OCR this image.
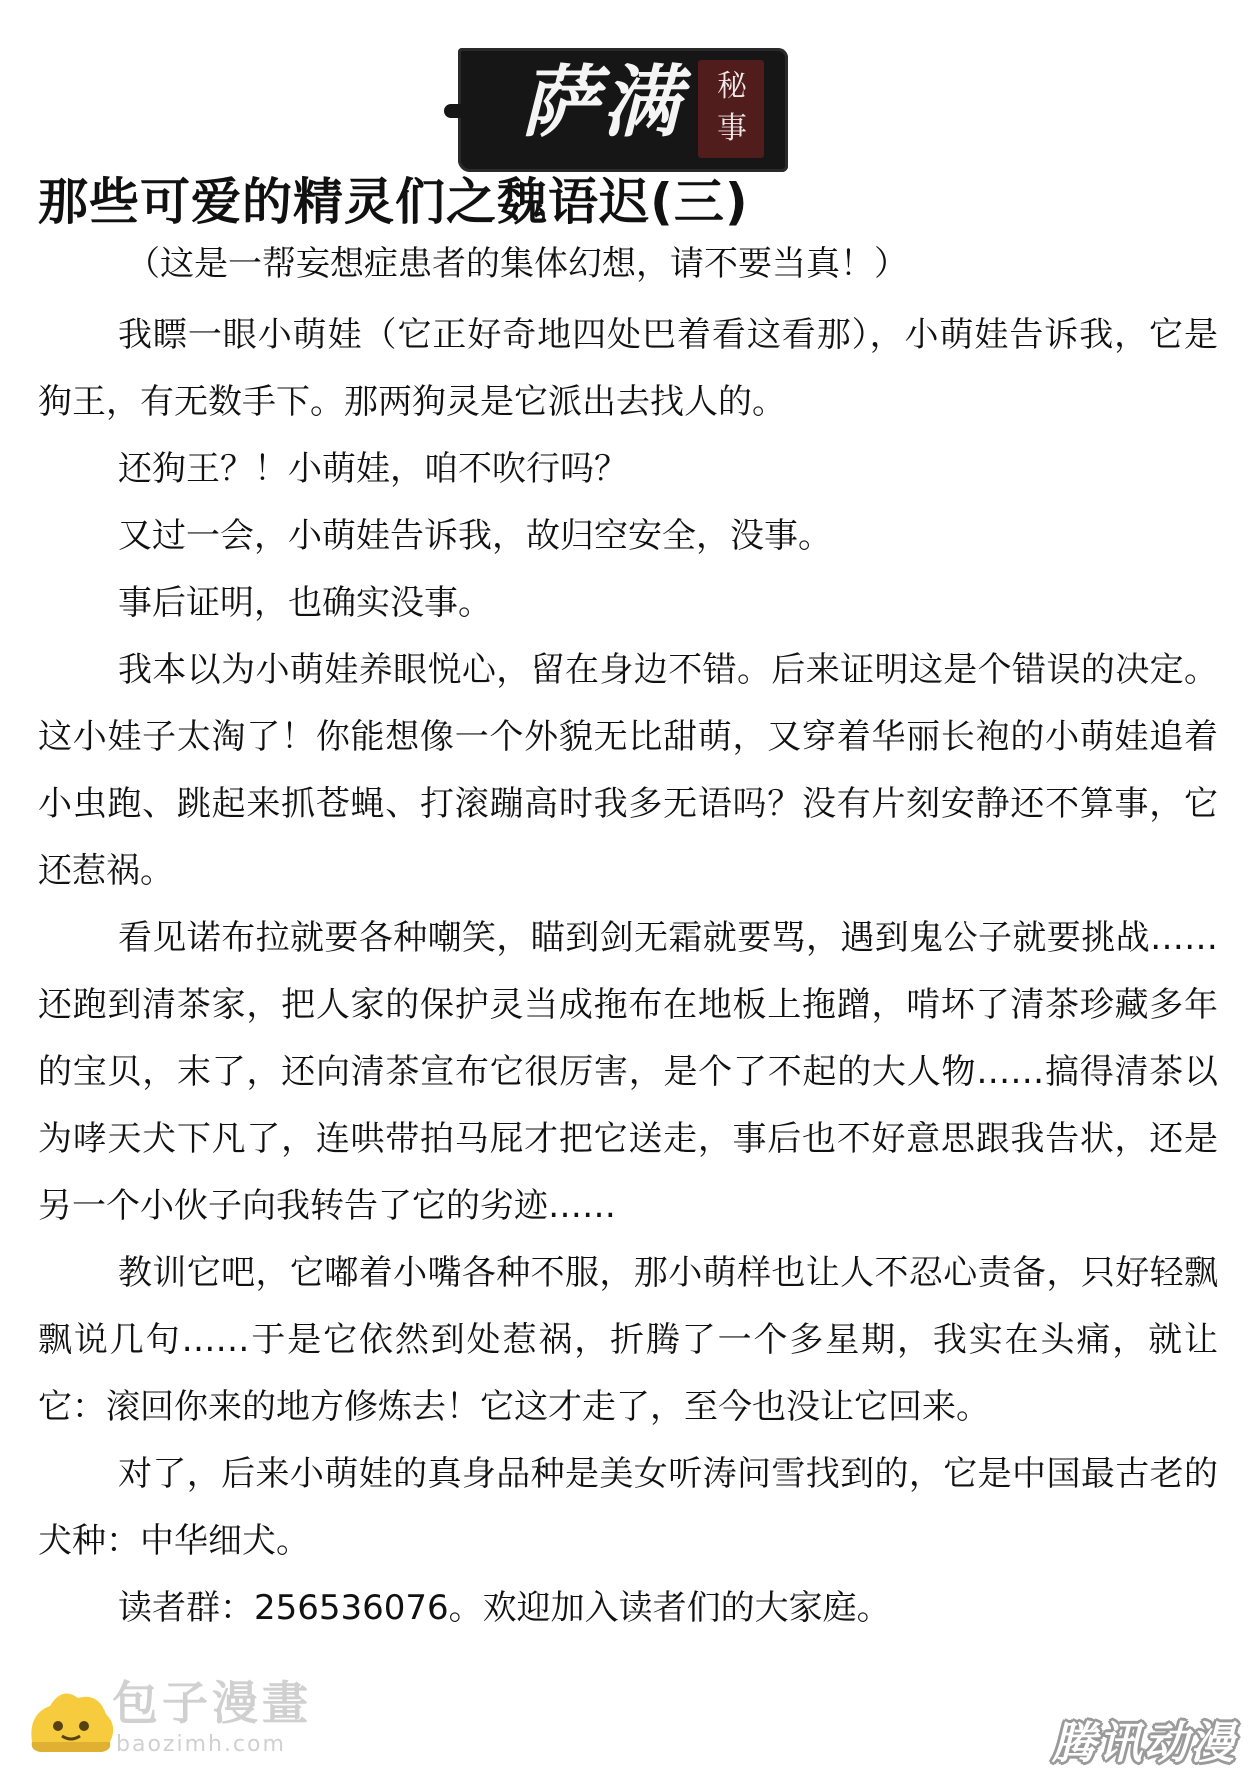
萨满 秘事
那些可爱的精灵们之魏语迟(三)
（这是一帮妄想症患者的集体幻想，请不要当真！）

我瞟一眼小萌娃（它正好奇地四处巴着看这看那），小萌娃告诉我，它是狗王，有无数手下。那两狗灵是它派出去找人的。

还狗王？！小萌娃，咱不吹行吗？

又过一会，小萌娃告诉我，故归空安全，没事。

事后证明，也确实没事。

我本以为小萌娃养眼悦心，留在身边不错。后来证明这是个错误的决定。这小娃子太淘了！你能想像一个外貌无比甜萌，又穿着华丽长袍的小萌娃追着小虫跑、跳起来抓苍蝇、打滚蹦高时我多无语吗？没有片刻安静还不算事，它还惹祸。

看见诺布拉就要各种嘲笑，瞄到剑无霜就要骂，遇到鬼公子就要挑战……还跑到清茶家，把人家的保护灵当成拖布在地板上拖蹭，啃坏了清茶珍藏多年的宝贝，末了，还向清茶宣布它很厉害，是个了不起的大人物……搞得清茶以为哮天犬下凡了，连哄带拍马屁才把它送走，事后也不好意思跟我告状，还是另一个小伙子向我转告了它的劣迹……

教训它吧，它嘟着小嘴各种不服，那小萌样也让人不忍心责备，只好轻飘飘说几句……于是它依然到处惹祸，折腾了一个多星期，我实在头痛，就让它：滚回你来的地方修炼去！它这才走了，至今也没让它回来。

对了，后来小萌娃的真身品种是美女听涛问雪找到的，它是中国最古老的犬种：中华细犬。

读者群：256536076。欢迎加入读者们的大家庭。

包子漫畫
baozimh.com	腾讯动漫
